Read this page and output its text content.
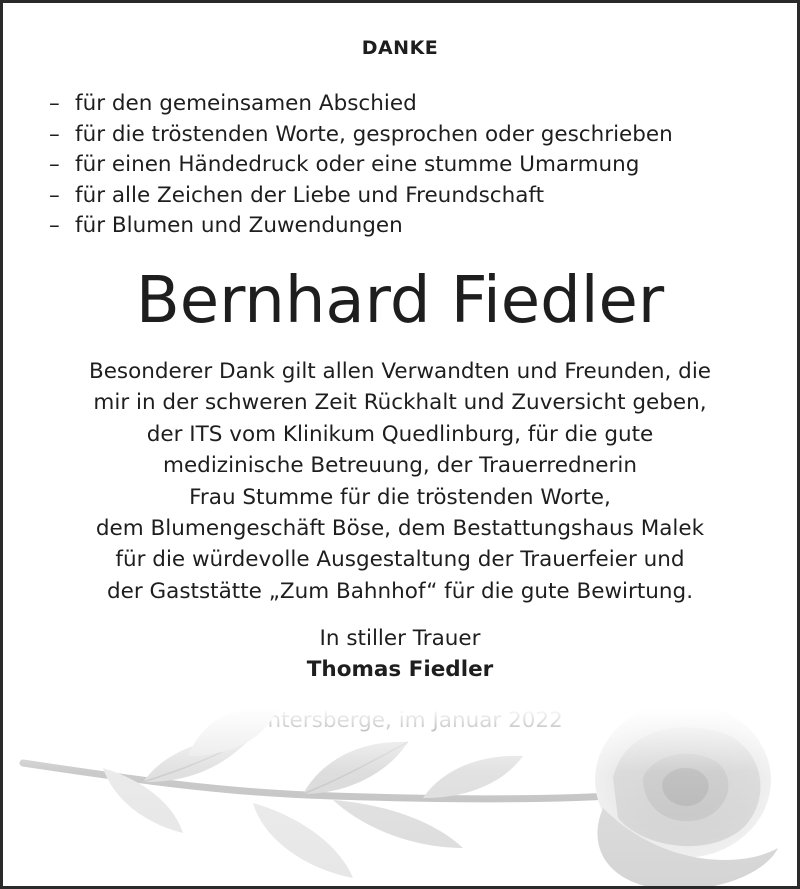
DANKE
– für den gemeinsamen Abschied
– für die tröstenden Worte, gesprochen oder geschrieben
– für einen Händedruck oder eine stumme Umarmung
– für alle Zeichen der Liebe und Freundschaft
– für Blumen und Zuwendungen
Bernhard Fiedler
Besonderer Dank gilt allen Verwandten und Freunden, die
mir in der schweren Zeit Rückhalt und Zuversicht geben,
der ITS vom Klinikum Quedlinburg, für die gute
medizinische Betreuung, der Trauerrednerin
Frau Stumme für die tröstenden Worte,
dem Blumengeschäft Böse, dem Bestattungshaus Malek
für die würdevolle Ausgestaltung der Trauerfeier und
der Gaststätte „Zum Bahnhof“ für die gute Bewirtung.
In stiller Trauer
Thomas Fiedler
